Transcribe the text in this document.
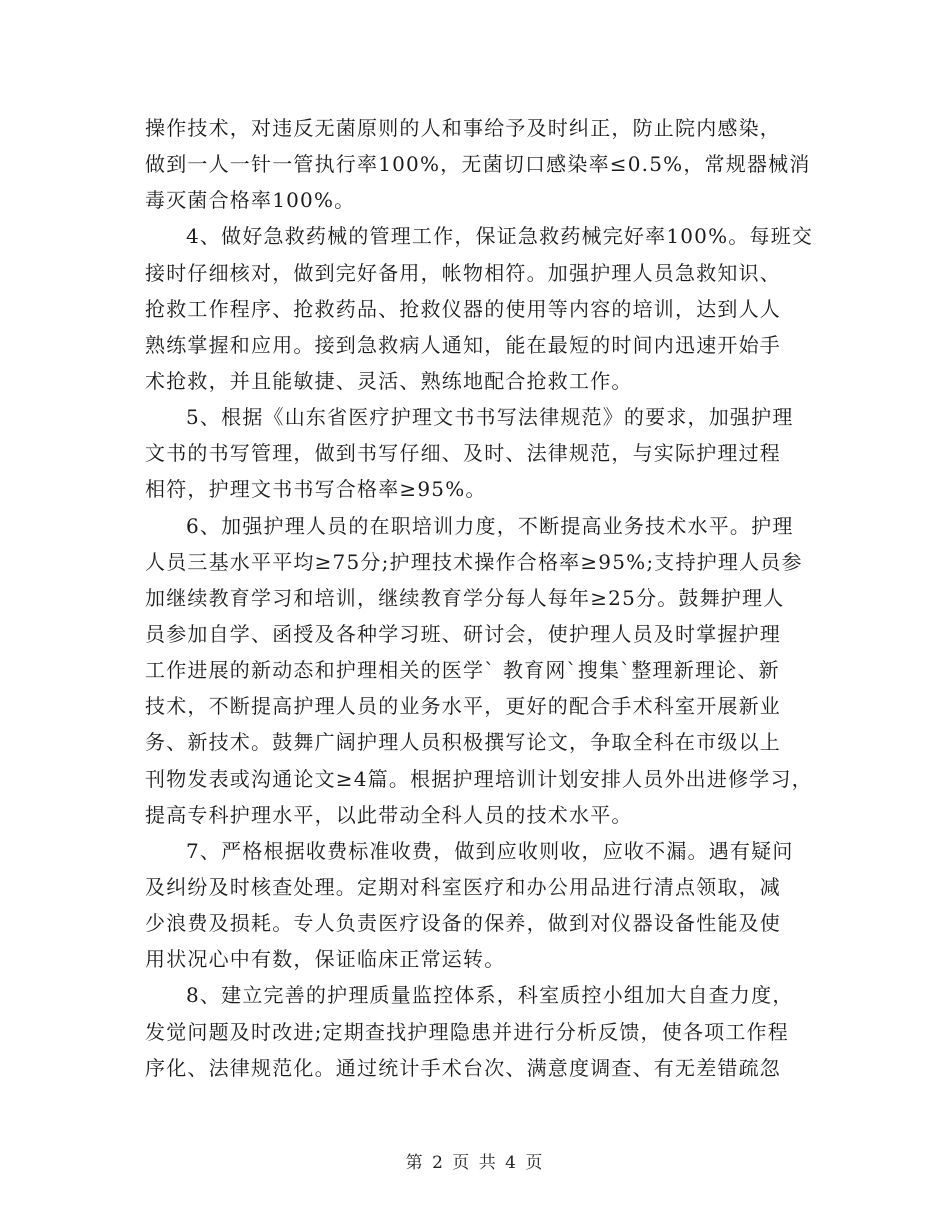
操作技术，对违反无菌原则的人和事给予及时纠正，防止院内感染，
做到一人一针一管执行率100%，无菌切口感染率≤0.5%，常规器械消
毒灭菌合格率100%。
4、做好急救药械的管理工作，保证急救药械完好率100%。每班交
接时仔细核对，做到完好备用，帐物相符。加强护理人员急救知识、
抢救工作程序、抢救药品、抢救仪器的使用等内容的培训，达到人人
熟练掌握和应用。接到急救病人通知，能在最短的时间内迅速开始手
术抢救，并且能敏捷、灵活、熟练地配合抢救工作。
5、根据《山东省医疗护理文书书写法律规范》的要求，加强护理
文书的书写管理，做到书写仔细、及时、法律规范，与实际护理过程
相符，护理文书书写合格率≥95%。
6、加强护理人员的在职培训力度，不断提高业务技术水平。护理
人员三基水平平均≥75分;护理技术操作合格率≥95%;支持护理人员参
加继续教育学习和培训，继续教育学分每人每年≥25分。鼓舞护理人
员参加自学、函授及各种学习班、研讨会，使护理人员及时掌握护理
工作进展的新动态和护理相关的医学` 教育网`搜集`整理新理论、新
技术，不断提高护理人员的业务水平，更好的配合手术科室开展新业
务、新技术。鼓舞广阔护理人员积极撰写论文，争取全科在市级以上
刊物发表或沟通论文≥4篇。根据护理培训计划安排人员外出进修学习，
提高专科护理水平，以此带动全科人员的技术水平。
7、严格根据收费标准收费，做到应收则收，应收不漏。遇有疑问
及纠纷及时核查处理。定期对科室医疗和办公用品进行清点领取，减
少浪费及损耗。专人负责医疗设备的保养，做到对仪器设备性能及使
用状况心中有数，保证临床正常运转。
8、建立完善的护理质量监控体系，科室质控小组加大自查力度，
发觉问题及时改进;定期查找护理隐患并进行分析反馈，使各项工作程
序化、法律规范化。通过统计手术台次、满意度调查、有无差错疏忽
第 2 页 共 4 页
